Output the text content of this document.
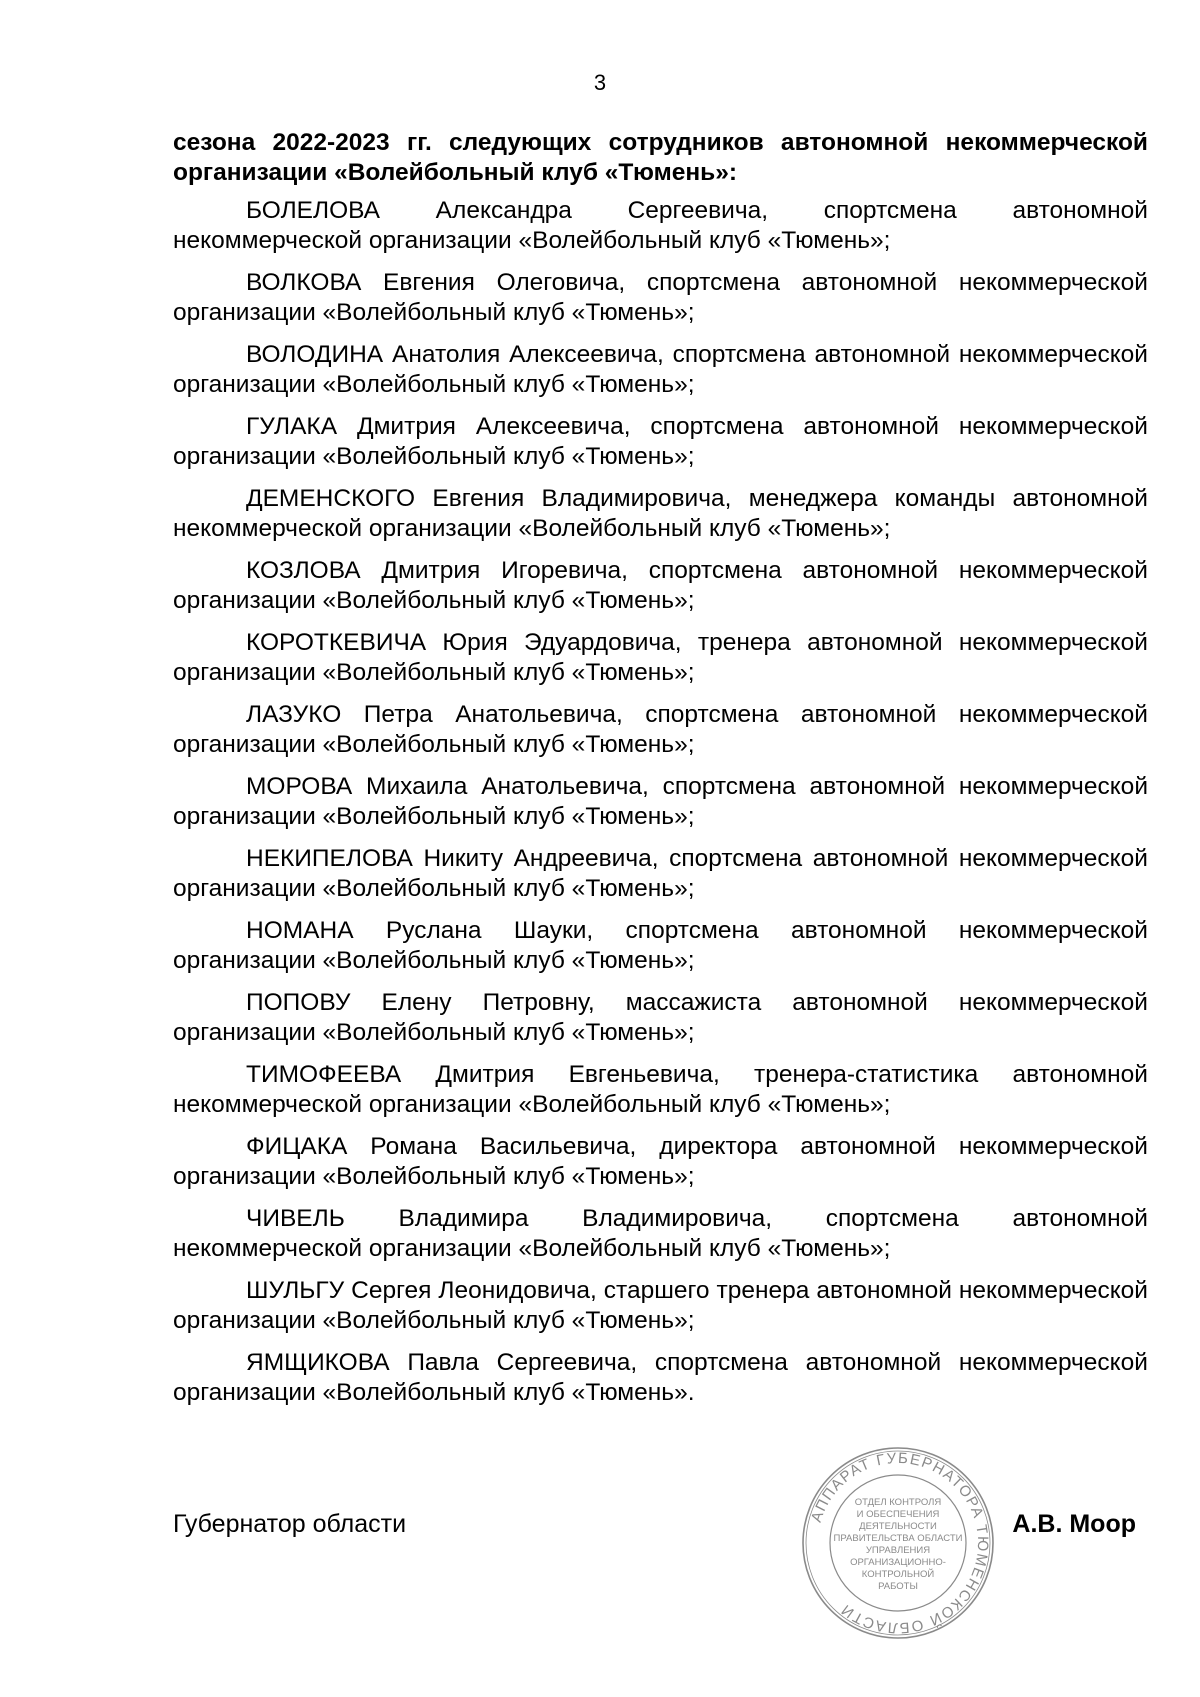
3

сезона 2022-2023 гг. следующих сотрудников автономной некоммерческой организации «Волейбольный клуб «Тюмень»:

БОЛЕЛОВА Александра Сергеевича, спортсмена автономной некоммерческой организации «Волейбольный клуб «Тюмень»;

ВОЛКОВА Евгения Олеговича, спортсмена автономной некоммерческой организации «Волейбольный клуб «Тюмень»;

ВОЛОДИНА Анатолия Алексеевича, спортсмена автономной некоммерческой организации «Волейбольный клуб «Тюмень»;

ГУЛАКА Дмитрия Алексеевича, спортсмена автономной некоммерческой организации «Волейбольный клуб «Тюмень»;

ДЕМЕНСКОГО Евгения Владимировича, менеджера команды автономной некоммерческой организации «Волейбольный клуб «Тюмень»;

КОЗЛОВА Дмитрия Игоревича, спортсмена автономной некоммерческой организации «Волейбольный клуб «Тюмень»;

КОРОТКЕВИЧА Юрия Эдуардовича, тренера автономной некоммерческой организации «Волейбольный клуб «Тюмень»;

ЛАЗУКО Петра Анатольевича, спортсмена автономной некоммерческой организации «Волейбольный клуб «Тюмень»;

МОРОВА Михаила Анатольевича, спортсмена автономной некоммерческой организации «Волейбольный клуб «Тюмень»;

НЕКИПЕЛОВА Никиту Андреевича, спортсмена автономной некоммерческой организации «Волейбольный клуб «Тюмень»;

НОМАНА Руслана Шауки, спортсмена автономной некоммерческой организации «Волейбольный клуб «Тюмень»;

ПОПОВУ Елену Петровну, массажиста автономной некоммерческой организации «Волейбольный клуб «Тюмень»;

ТИМОФЕЕВА Дмитрия Евгеньевича, тренера-статистика автономной некоммерческой организации «Волейбольный клуб «Тюмень»;

ФИЦАКА Романа Васильевича, директора автономной некоммерческой организации «Волейбольный клуб «Тюмень»;

ЧИВЕЛЬ Владимира Владимировича, спортсмена автономной некоммерческой организации «Волейбольный клуб «Тюмень»;

ШУЛЬГУ Сергея Леонидовича, старшего тренера автономной некоммерческой организации «Волейбольный клуб «Тюмень»;

ЯМЩИКОВА Павла Сергеевича, спортсмена автономной некоммерческой организации «Волейбольный клуб «Тюмень».

Губернатор области	А.В. Моор
АППАРАТ ГУБЕРНАТОРА ТЮМЕНСКОЙ ОБЛАСТИ
ОТДЕЛ КОНТРОЛЯ
И ОБЕСПЕЧЕНИЯ
ДЕЯТЕЛЬНОСТИ
ПРАВИТЕЛЬСТВА ОБЛАСТИ
УПРАВЛЕНИЯ
ОРГАНИЗАЦИОННО-
КОНТРОЛЬНОЙ
РАБОТЫ
